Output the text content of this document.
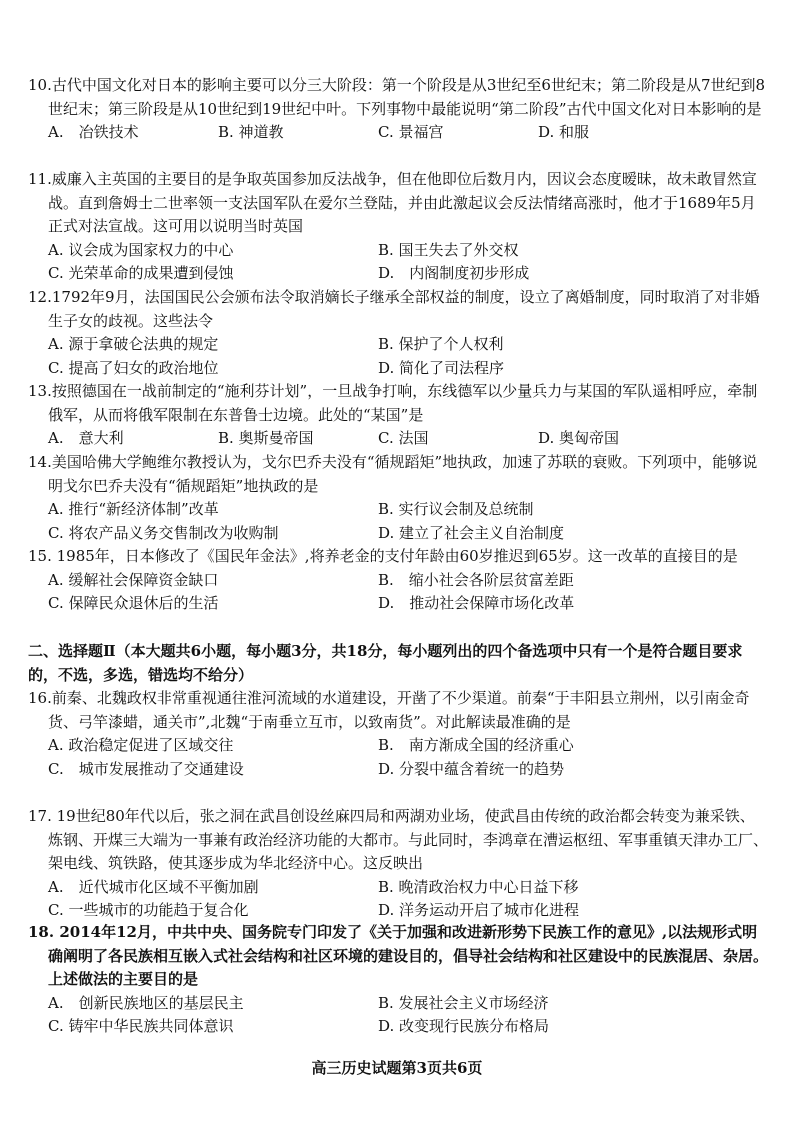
10.古代中国文化对日本的影响主要可以分三大阶段：第一个阶段是从3世纪至6世纪末；第二阶段是从7世纪到8世纪末；第三阶段是从10世纪到19世纪中叶。下列事物中最能说明“第二阶段”古代中国文化对日本影响的是

A.　冶铁技术	B. 神道教	C. 景福宫	D. 和服

11.威廉入主英国的主要目的是争取英国参加反法战争，但在他即位后数月内，因议会态度暧昧，故未敢冒然宣战。直到詹姆士二世率领一支法国军队在爱尔兰登陆，并由此激起议会反法情绪高涨时，他才于1689年5月正式对法宣战。这可用以说明当时英国

A. 议会成为国家权力的中心	B. 国王失去了外交权
C. 光荣革命的成果遭到侵蚀	D.　内阁制度初步形成

12.1792年9月，法国国民公会颁布法令取消嫡长子继承全部权益的制度，设立了离婚制度，同时取消了对非婚生子女的歧视。这些法令

A. 源于拿破仑法典的规定	B. 保护了个人权利
C. 提高了妇女的政治地位	D. 简化了司法程序

13.按照德国在一战前制定的“施利芬计划”，一旦战争打响，东线德军以少量兵力与某国的军队遥相呼应，牵制俄军，从而将俄军限制在东普鲁士边境。此处的“某国”是

A.　意大利	B. 奥斯曼帝国	C. 法国	D. 奥匈帝国

14.美国哈佛大学鲍维尔教授认为，戈尔巴乔夫没有“循规蹈矩”地执政，加速了苏联的衰败。下列项中，能够说明戈尔巴乔夫没有“循规蹈矩”地执政的是

A. 推行“新经济体制”改革	B. 实行议会制及总统制
C. 将农产品义务交售制改为收购制	D. 建立了社会主义自治制度

15. 1985年，日本修改了《国民年金法》,将养老金的支付年龄由60岁推迟到65岁。这一改革的直接目的是

A. 缓解社会保障资金缺口	B.　缩小社会各阶层贫富差距
C. 保障民众退休后的生活	D.　推动社会保障市场化改革
二、选择题Ⅱ（本大题共6小题，每小题3分，共18分，每小题列出的四个备选项中只有一个是符合题目要求的，不选，多选，错选均不给分）

16.前秦、北魏政权非常重视通往淮河流域的水道建设，开凿了不少渠道。前秦“于丰阳县立荆州，以引南金奇货、弓竿漆蜡，通关市”,北魏“于南垂立互市，以致南货”。对此解读最准确的是

A. 政治稳定促进了区域交往	B.　南方渐成全国的经济重心
C.　城市发展推动了交通建设	D. 分裂中蕴含着统一的趋势

17. 19世纪80年代以后，张之洞在武昌创设丝麻四局和两湖劝业场，使武昌由传统的政治都会转变为兼采铁、炼钢、开煤三大端为一事兼有政治经济功能的大都市。与此同时，李鸿章在漕运枢纽、军事重镇天津办工厂、架电线、筑铁路，使其逐步成为华北经济中心。这反映出

A.　近代城市化区域不平衡加剧	B. 晚清政治权力中心日益下移
C. 一些城市的功能趋于复合化	D. 洋务运动开启了城市化进程

18. 2014年12月，中共中央、国务院专门印发了《关于加强和改进新形势下民族工作的意见》,以法规形式明确阐明了各民族相互嵌入式社会结构和社区环境的建设目的，倡导社会结构和社区建设中的民族混居、杂居。上述做法的主要目的是

A.　创新民族地区的基层民主	B. 发展社会主义市场经济
C. 铸牢中华民族共同体意识	D. 改变现行民族分布格局
高三历史试题第3页共6页
